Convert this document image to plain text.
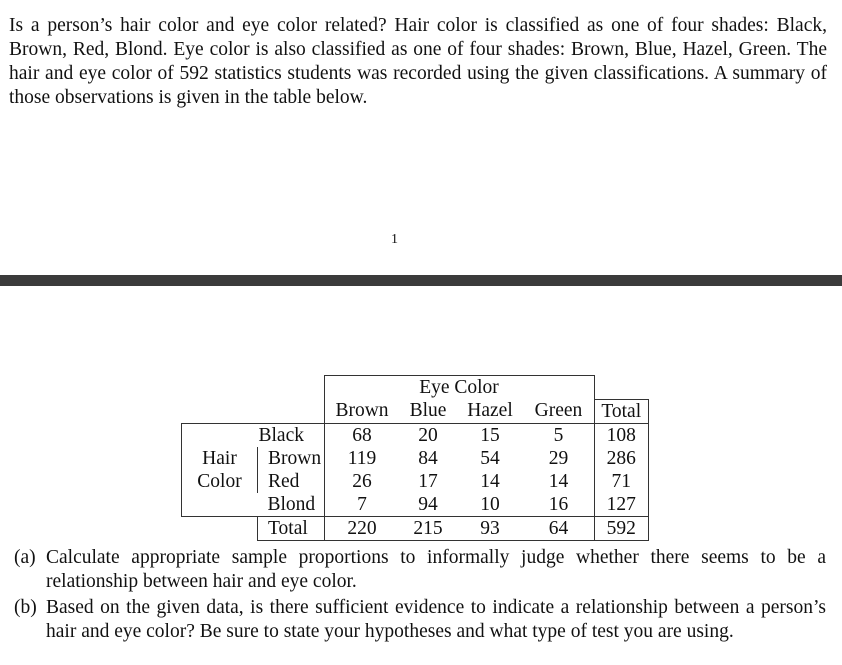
Is a person’s hair color and eye color related? Hair color is classified as one of four shades: Black, Brown, Red, Blond. Eye color is also classified as one of four shades: Brown, Blue, Hazel, Green. The hair and eye color of 592 statistics students was recorded using the given classifications. A summary of those observations is given in the table below.
1
		Eye Color				
		Brown	Blue	Hazel	Green	Total
	Black	68	20	15	5	108
Hair	Brown	119	84	54	29	286
Color	Red	26	17	14	14	71
	Blond	7	94	10	16	127
	Total	220	215	93	64	592
(a) Calculate appropriate sample proportions to informally judge whether there seems to be a relationship between hair and eye color.
(b) Based on the given data, is there sufficient evidence to indicate a relationship between a person’s hair and eye color? Be sure to state your hypotheses and what type of test you are using.
